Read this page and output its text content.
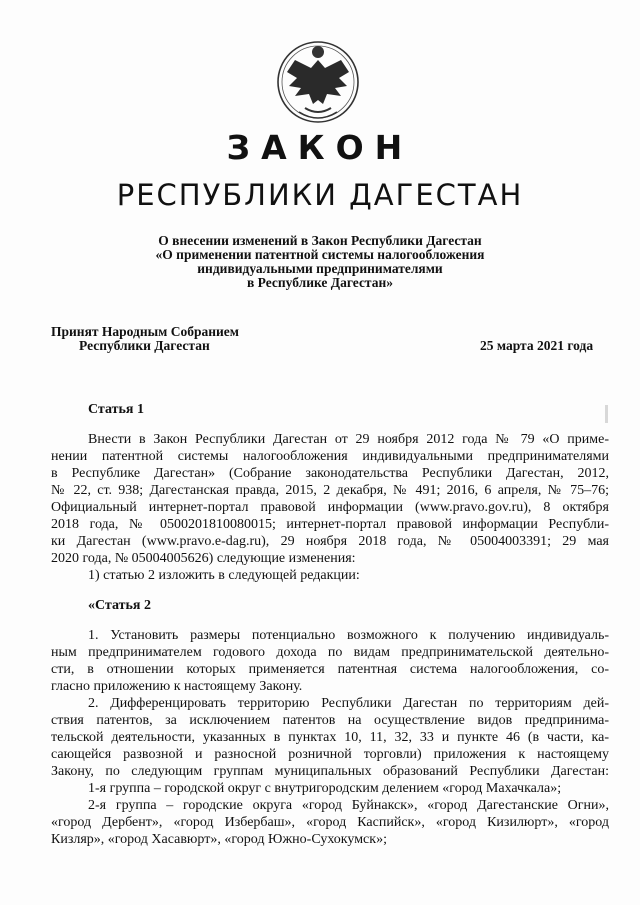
ЗАКОН
РЕСПУБЛИКИ ДАГЕСТАН
О внесении изменений в Закон Республики Дагестан
«О применении патентной системы налогообложения
индивидуальными предпринимателями
в Республике Дагестан»
Принят Народным Собранием
Республики Дагестан	25 марта 2021 года
Статья 1
Внести в Закон Республики Дагестан от 29 ноября 2012 года № 79 «О приме-
нении патентной системы налогообложения индивидуальными предпринимателями
в Республике Дагестан» (Собрание законодательства Республики Дагестан, 2012,
№ 22, ст. 938; Дагестанская правда, 2015, 2 декабря, № 491; 2016, 6 апреля, № 75–76;
Официальный интернет-портал правовой информации (www.pravo.gov.ru), 8 октября
2018 года, № 0500201810080015; интернет-портал правовой информации Республи-
ки Дагестан (www.pravo.e-dag.ru), 29 ноября 2018 года, № 05004003391; 29 мая
2020 года, № 05004005626) следующие изменения:
1) статью 2 изложить в следующей редакции:
«Статья 2
1. Установить размеры потенциально возможного к получению индивидуаль-
ным предпринимателем годового дохода по видам предпринимательской деятельно-
сти, в отношении которых применяется патентная система налогообложения, со-
гласно приложению к настоящему Закону.
2. Дифференцировать территорию Республики Дагестан по территориям дей-
ствия патентов, за исключением патентов на осуществление видов предпринима-
тельской деятельности, указанных в пунктах 10, 11, 32, 33 и пункте 46 (в части, ка-
сающейся развозной и разносной розничной торговли) приложения к настоящему
Закону, по следующим группам муниципальных образований Республики Дагестан:
1-я группа – городской округ с внутригородским делением «город Махачкала»;
2-я группа – городские округа «город Буйнакск», «город Дагестанские Огни»,
«город Дербент», «город Избербаш», «город Каспийск», «город Кизилюрт», «город
Кизляр», «город Хасавюрт», «город Южно-Сухокумск»;
